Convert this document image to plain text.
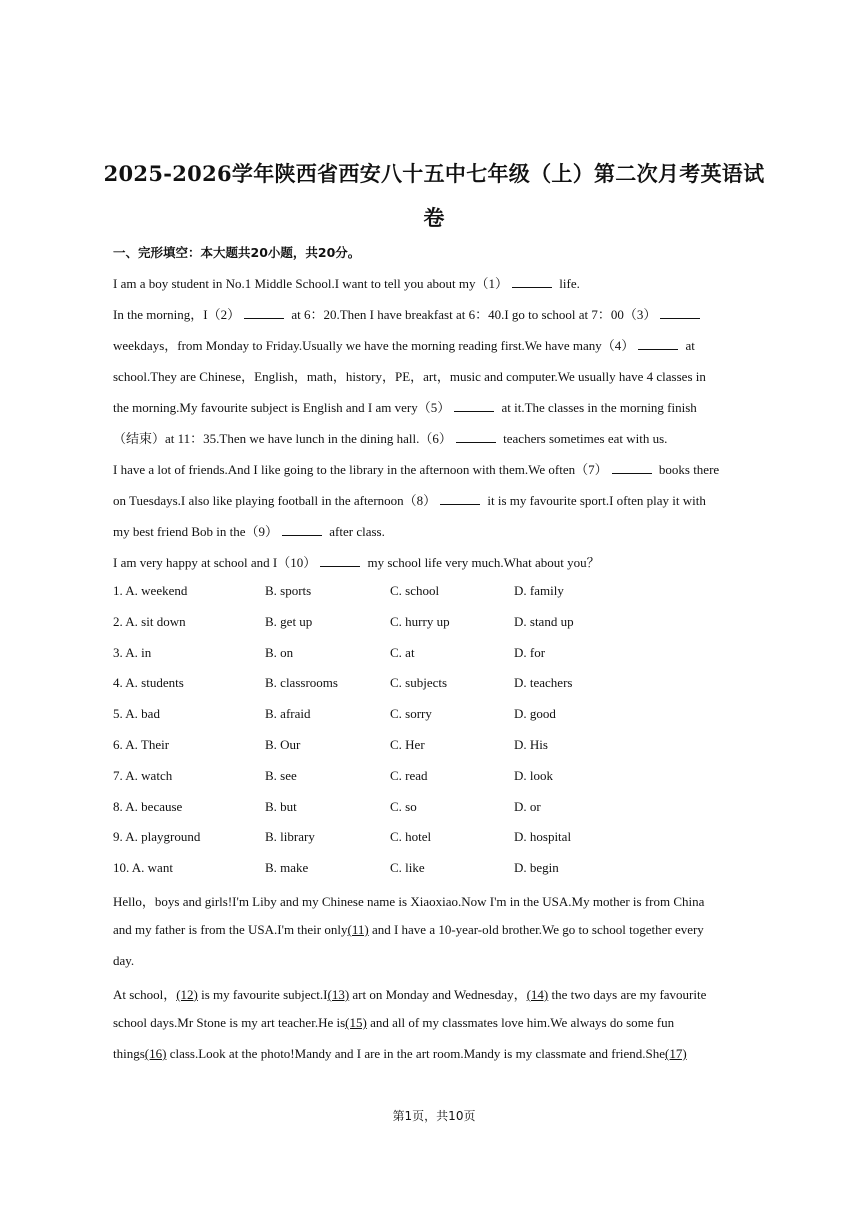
2025-2026学年陕西省西安八十五中七年级（上）第二次月考英语试
卷
一、完形填空：本大题共20小题，共20分。
I am a boy student in No.1 Middle School.I want to tell you about my（1）	life.
In the morning，I（2）	at 6：20.Then I have breakfast at 6：40.I go to school at 7：00（3）
weekdays，from Monday to Friday.Usually we have the morning reading first.We have many（4）	at
school.They are Chinese，English，math，history，PE，art，music and computer.We usually have 4 classes in
the morning.My favourite subject is English and I am very（5）	at it.The classes in the morning finish
（结束）at 11：35.Then we have lunch in the dining hall.（6）	teachers sometimes eat with us.
I have a lot of friends.And I like going to the library in the afternoon with them.We often（7）	books there
on Tuesdays.I also like playing football in the afternoon（8）	it is my favourite sport.I often play it with
my best friend Bob in the（9）	after class.
I am very happy at school and I（10）	my school life very much.What about you？
1. A. weekend	B. sports	C. school	D. family
2. A. sit down	B. get up	C. hurry up	D. stand up
3. A. in	B. on	C. at	D. for
4. A. students	B. classrooms	C. subjects	D. teachers
5. A. bad	B. afraid	C. sorry	D. good
6. A. Their	B. Our	C. Her	D. His
7. A. watch	B. see	C. read	D. look
8. A. because	B. but	C. so	D. or
9. A. playground	B. library	C. hotel	D. hospital
10. A. want	B. make	C. like	D. begin
Hello，boys and girls!I'm Liby and my Chinese name is Xiaoxiao.Now I'm in the USA.My mother is from China
and my father is from the USA.I'm their only(11) and I have a 10-year-old brother.We go to school together every
day.
At school，(12) is my favourite subject.I(13) art on Monday and Wednesday，(14) the two days are my favourite
school days.Mr Stone is my art teacher.He is(15) and all of my classmates love him.We always do some fun
things(16) class.Look at the photo!Mandy and I are in the art room.Mandy is my classmate and friend.She(17)
第1页，共10页
